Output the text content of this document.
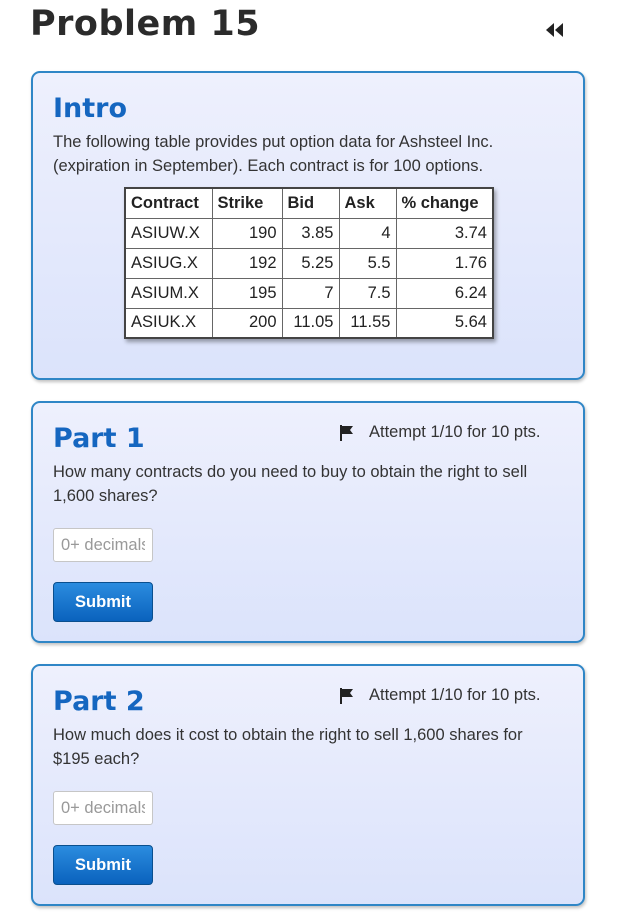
Problem 15
Intro
The following table provides put option data for Ashsteel Inc. (expiration in September). Each contract is for 100 options.
Contract	Strike	Bid	Ask	% change
ASIUW.X	190	3.85	4	3.74
ASIUG.X	192	5.25	5.5	1.76
ASIUM.X	195	7	7.5	6.24
ASIUK.X	200	11.05	11.55	5.64
Part 1	Attempt 1/10 for 10 pts.
How many contracts do you need to buy to obtain the right to sell 1,600 shares?
0+ decimals
Submit
Part 2	Attempt 1/10 for 10 pts.
How much does it cost to obtain the right to sell 1,600 shares for $195 each?
0+ decimals
Submit
